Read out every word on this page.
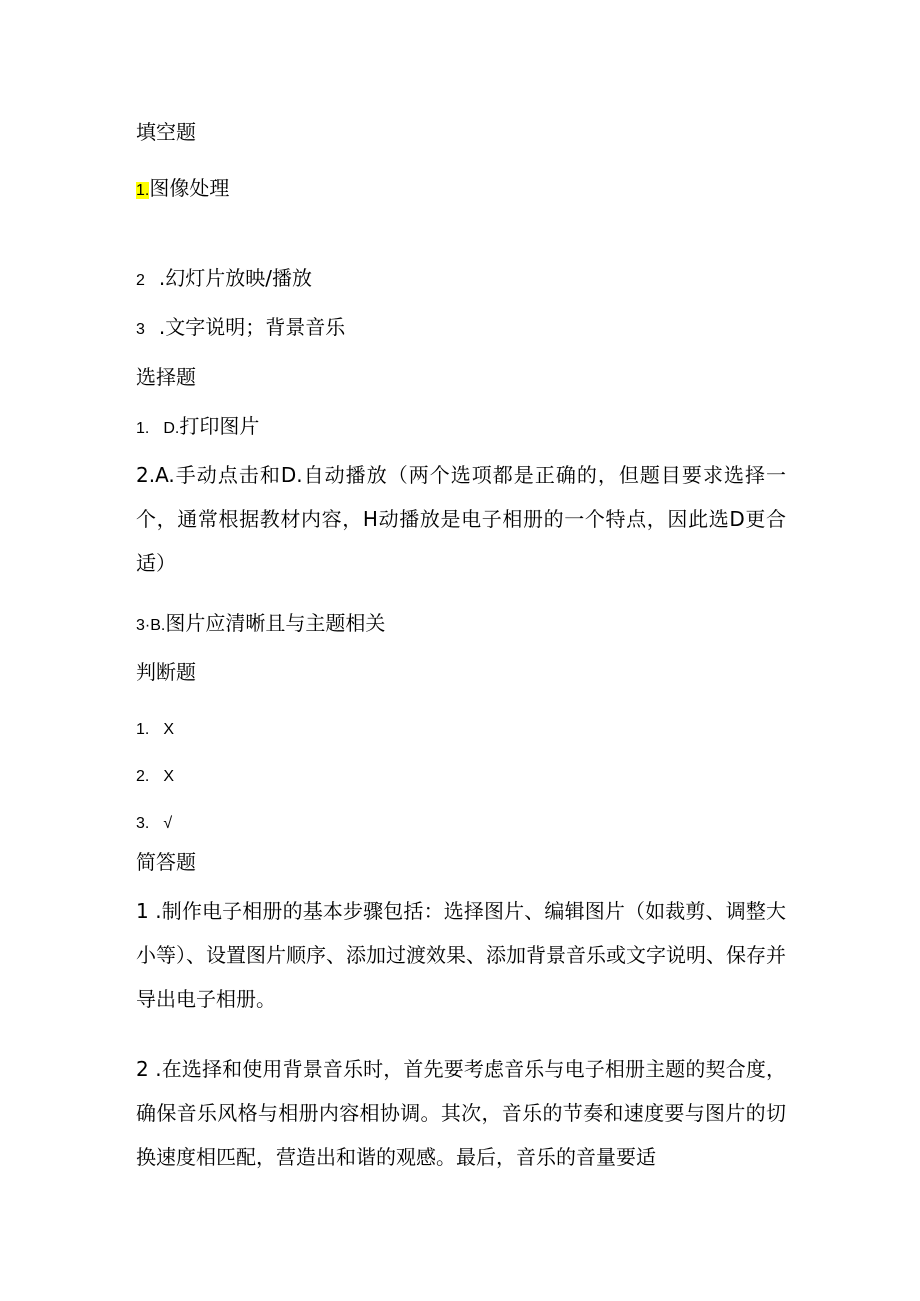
填空题
1.图像处理
2 .幻灯片放映/播放
3 .文字说明；背景音乐
选择题
1. D.打印图片
2.A.手动点击和D.自动播放（两个选项都是正确的，但题目要求选择一个，通常根据教材内容，H动播放是电子相册的一个特点，因此选D更合适）
3·B.图片应清晰且与主题相关
判断题
1. X
2. X
3. √
简答题
1 .制作电子相册的基本步骤包括：选择图片、编辑图片（如裁剪、调整大小等）、设置图片顺序、添加过渡效果、添加背景音乐或文字说明、保存并导出电子相册。
2 .在选择和使用背景音乐时，首先要考虑音乐与电子相册主题的契合度，确保音乐风格与相册内容相协调。其次，音乐的节奏和速度要与图片的切换速度相匹配，营造出和谐的观感。最后，音乐的音量要适
